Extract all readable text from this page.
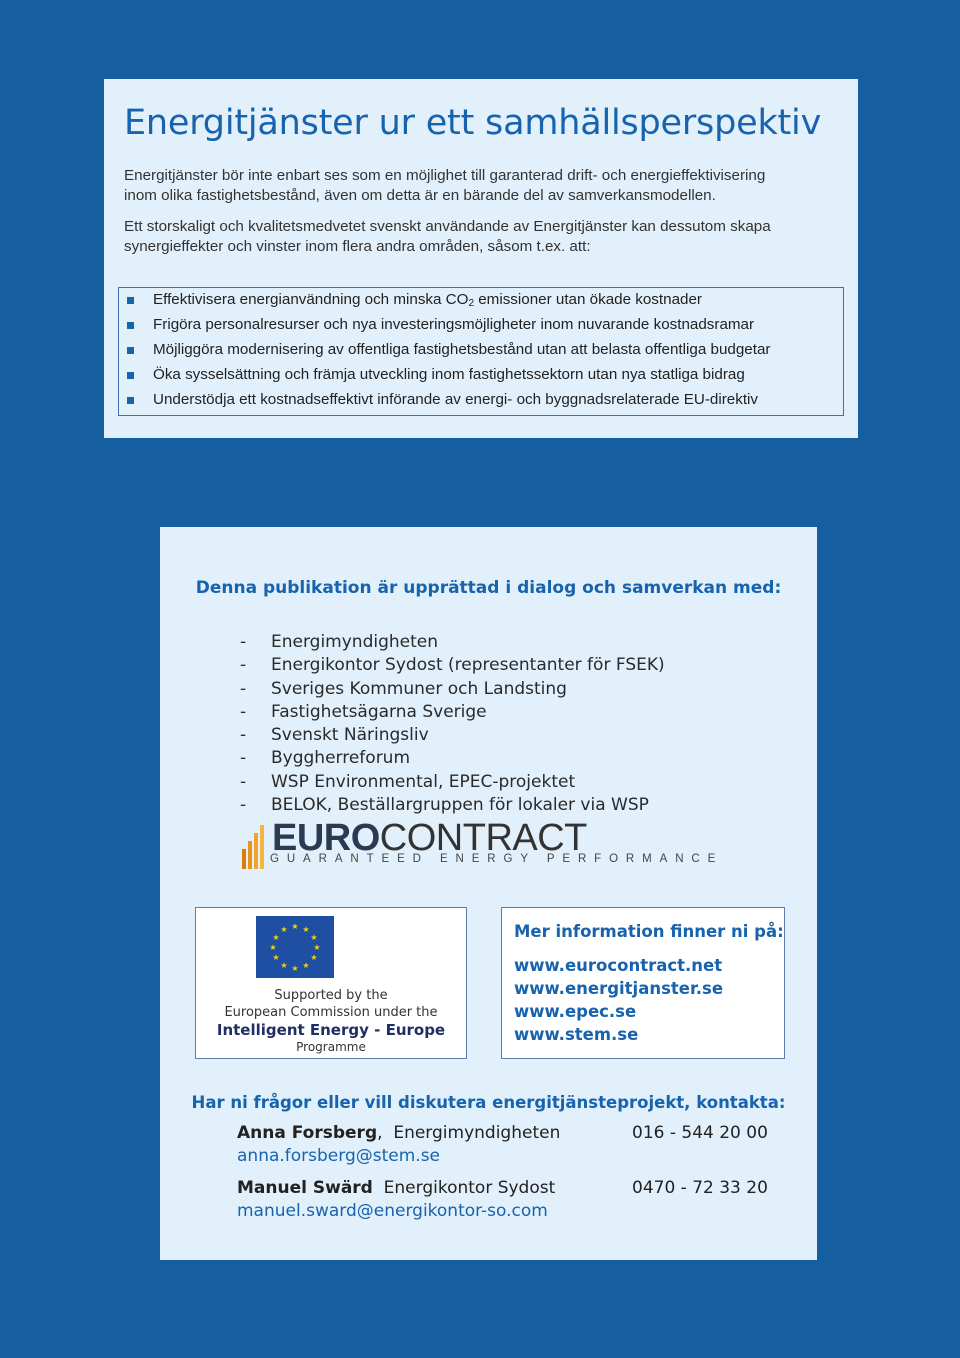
Energitjänster ur ett samhällsperspektiv

Energitjänster bör inte enbart ses som en möjlighet till garanterad drift- och energieffektivisering
inom olika fastighetsbestånd, även om detta är en bärande del av samverkansmodellen.

Ett storskaligt och kvalitetsmedvetet svenskt användande av Energitjänster kan dessutom skapa
synergieffekter och vinster inom flera andra områden, såsom t.ex. att:

Effektivisera energianvändning och minska $CO_2$ emissioner utan ökade kostnader
Frigöra personalresurser och nya investeringsmöjligheter inom nuvarande kostnadsramar
Möjliggöra modernisering av offentliga fastighetsbestånd utan att belasta offentliga budgetar
Öka sysselsättning och främja utveckling inom fastighetssektorn utan nya statliga bidrag
Understödja ett kostnadseffektivt införande av energi- och byggnadsrelaterade EU-direktiv
Denna publikation är upprättad i dialog och samverkan med:
- Energimyndigheten
- Energikontor Sydost (representanter för FSEK)
- Sveriges Kommuner och Landsting
- Fastighetsägarna Sverige
- Svenskt Näringsliv
- Byggherreforum
- WSP Environmental, EPEC-projektet
- BELOK, Beställargruppen för lokaler via WSP
EUROCONTRACT
GUARANTEED ENERGY PERFORMANCE
★ ★
★
★
★
★
★
★
★
★
★
★
Supported by the
European Commission under the
Intelligent Energy - Europe
Programme
Mer information finner ni på:
www.eurocontract.net
www.energitjanster.se
www.epec.se
www.stem.se
Har ni frågor eller vill diskutera energitjänsteprojekt, kontakta:
Anna Forsberg, Energimyndigheten	016 - 544 20 00
anna.forsberg@stem.se
Manuel Swärd Energikontor Sydost	0470 - 72 33 20
manuel.sward@energikontor-so.com
